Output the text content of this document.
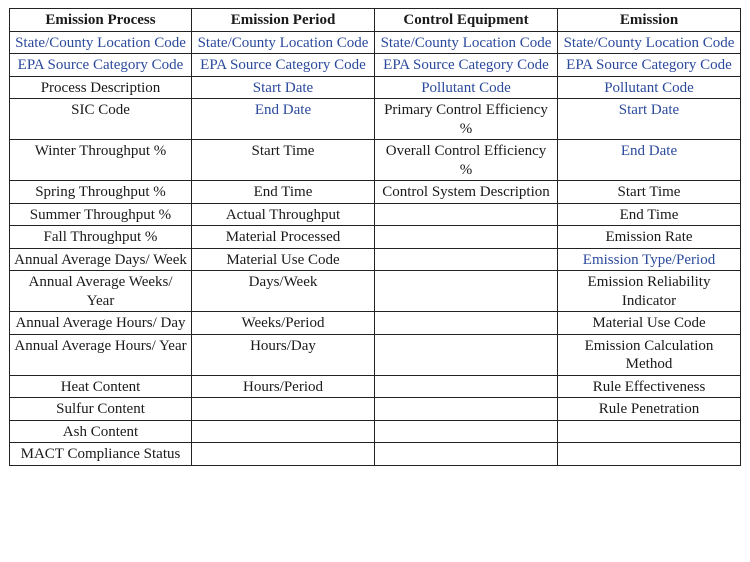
Emission Process	Emission Period	Control Equipment	Emission
State/County Location Code	State/County Location Code	State/County Location Code	State/County Location Code
EPA Source Category Code	EPA Source Category Code	EPA Source Category Code	EPA Source Category Code
Process Description	Start Date	Pollutant Code	Pollutant Code
SIC Code	End Date	Primary Control Efficiency %	Start Date
Winter Throughput %	Start Time	Overall Control Efficiency %	End Date
Spring Throughput %	End Time	Control System Description	Start Time
Summer Throughput %	Actual Throughput		End Time
Fall Throughput %	Material Processed		Emission Rate
Annual Average Days/ Week	Material Use Code		Emission Type/Period
Annual Average Weeks/ Year	Days/Week		Emission Reliability Indicator
Annual Average Hours/ Day	Weeks/Period		Material Use Code
Annual Average Hours/ Year	Hours/Day		Emission Calculation Method
Heat Content	Hours/Period		Rule Effectiveness
Sulfur Content			Rule Penetration
Ash Content			
MACT Compliance Status			
